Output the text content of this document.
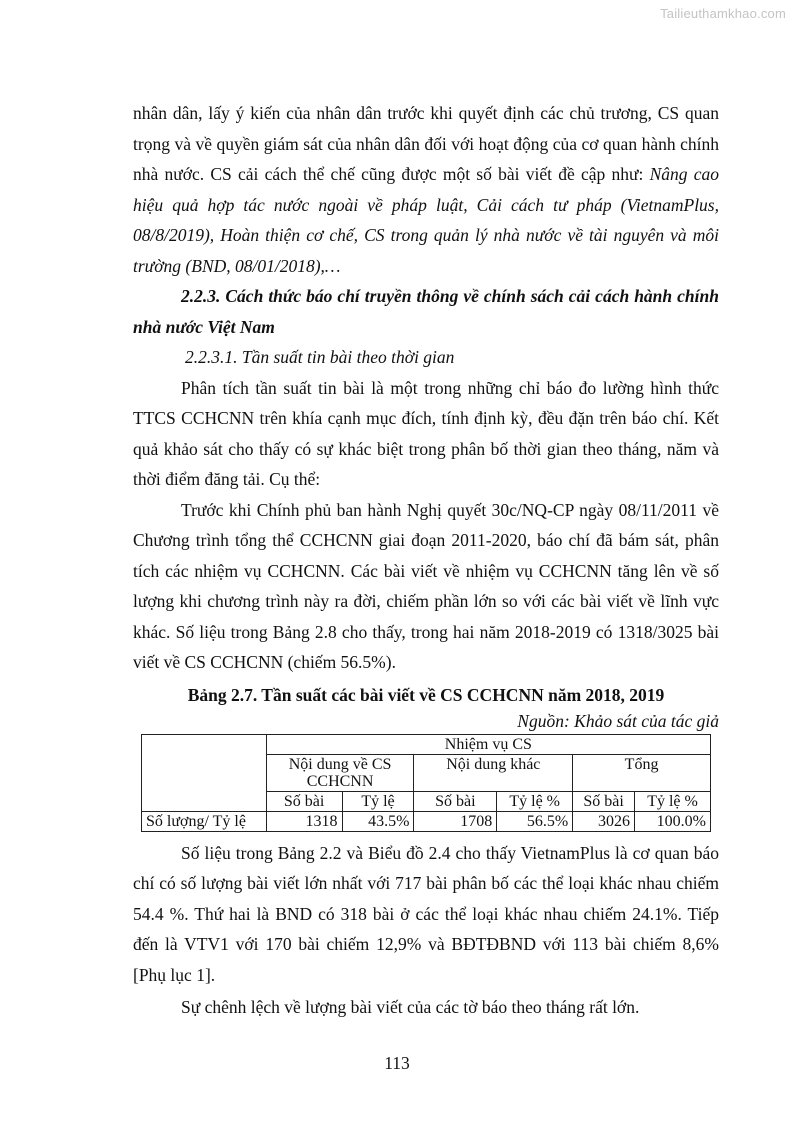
Tailieuthamkhao.com

nhân dân, lấy ý kiến của nhân dân trước khi quyết định các chủ trương, CS quan trọng và về quyền giám sát của nhân dân đối với hoạt động của cơ quan hành chính nhà nước. CS cải cách thể chế cũng được một số bài viết đề cập như: Nâng cao hiệu quả hợp tác nước ngoài về pháp luật, Cải cách tư pháp (VietnamPlus, 08/8/2019), Hoàn thiện cơ chế, CS trong quản lý nhà nước về tài nguyên và môi trường (BND, 08/01/2018),…

2.2.3. Cách thức báo chí truyền thông về chính sách cải cách hành chính nhà nước Việt Nam

2.2.3.1. Tần suất tin bài theo thời gian

Phân tích tần suất tin bài là một trong những chỉ báo đo lường hình thức TTCS CCHCNN trên khía cạnh mục đích, tính định kỳ, đều đặn trên báo chí. Kết quả khảo sát cho thấy có sự khác biệt trong phân bố thời gian theo tháng, năm và thời điểm đăng tải. Cụ thể:

Trước khi Chính phủ ban hành Nghị quyết 30c/NQ-CP ngày 08/11/2011 về Chương trình tổng thể CCHCNN giai đoạn 2011-2020, báo chí đã bám sát, phân tích các nhiệm vụ CCHCNN. Các bài viết về nhiệm vụ CCHCNN tăng lên về số lượng khi chương trình này ra đời, chiếm phần lớn so với các bài viết về lĩnh vực khác. Số liệu trong Bảng 2.8 cho thấy, trong hai năm 2018-2019 có 1318/3025 bài viết về CS CCHCNN (chiếm 56.5%).

Bảng 2.7. Tần suất các bài viết về CS CCHCNN năm 2018, 2019

Nguồn: Khảo sát của tác giả

	Nhiệm vụ CS					
	Nội dung về CS CCHCNN		Nội dung khác		Tổng	
	Số bài	Tỷ lệ	Số bài	Tỷ lệ %	Số bài	Tỷ lệ %
Số lượng/ Tỷ lệ	1318	43.5%	1708	56.5%	3026	100.0%

Số liệu trong Bảng 2.2 và Biểu đồ 2.4 cho thấy VietnamPlus là cơ quan báo chí có số lượng bài viết lớn nhất với 717 bài phân bố các thể loại khác nhau chiếm 54.4 %. Thứ hai là BND có 318 bài ở các thể loại khác nhau chiếm 24.1%. Tiếp đến là VTV1 với 170 bài chiếm 12,9% và BĐTĐBND với 113 bài chiếm 8,6% [Phụ lục 1].

Sự chênh lệch về lượng bài viết của các tờ báo theo tháng rất lớn.

113
